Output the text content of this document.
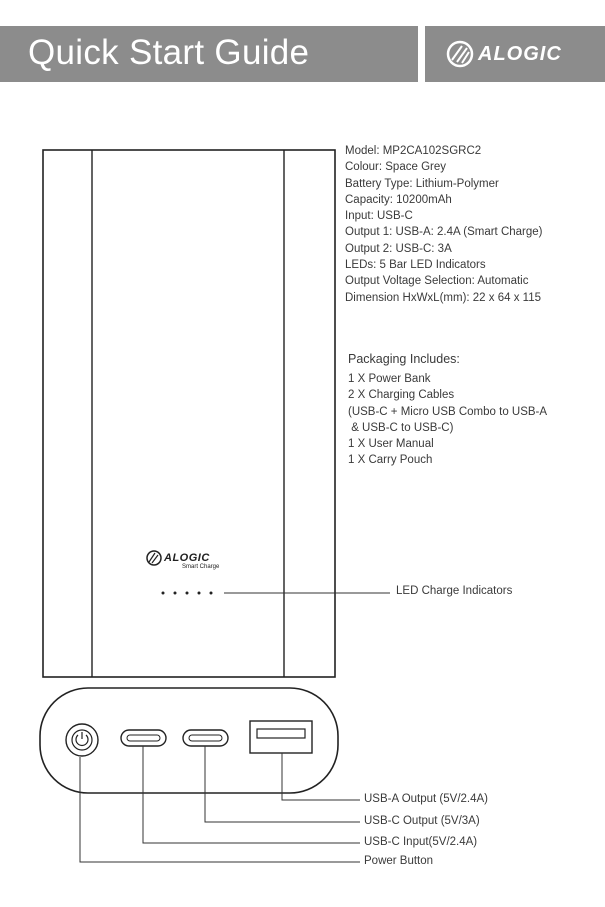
Quick Start Guide	ALOGIC
ALOGIC
Smart Charge
Model: MP2CA102SGRC2
Colour: Space Grey
Battery Type: Lithium-Polymer
Capacity: 10200mAh
Input: USB-C
Output 1: USB-A: 2.4A (Smart Charge)
Output 2: USB-C: 3A
LEDs: 5 Bar LED Indicators
Output Voltage Selection: Automatic
Dimension HxWxL(mm): 22 x 64 x 115
Packaging Includes:
1 X Power Bank
2 X Charging Cables
(USB-C + Micro USB Combo to USB-A
& USB-C to USB-C)
1 X User Manual
1 X Carry Pouch
LED Charge Indicators
USB-A Output (5V/2.4A)
USB-C Output (5V/3A)
USB-C Input(5V/2.4A)
Power Button
